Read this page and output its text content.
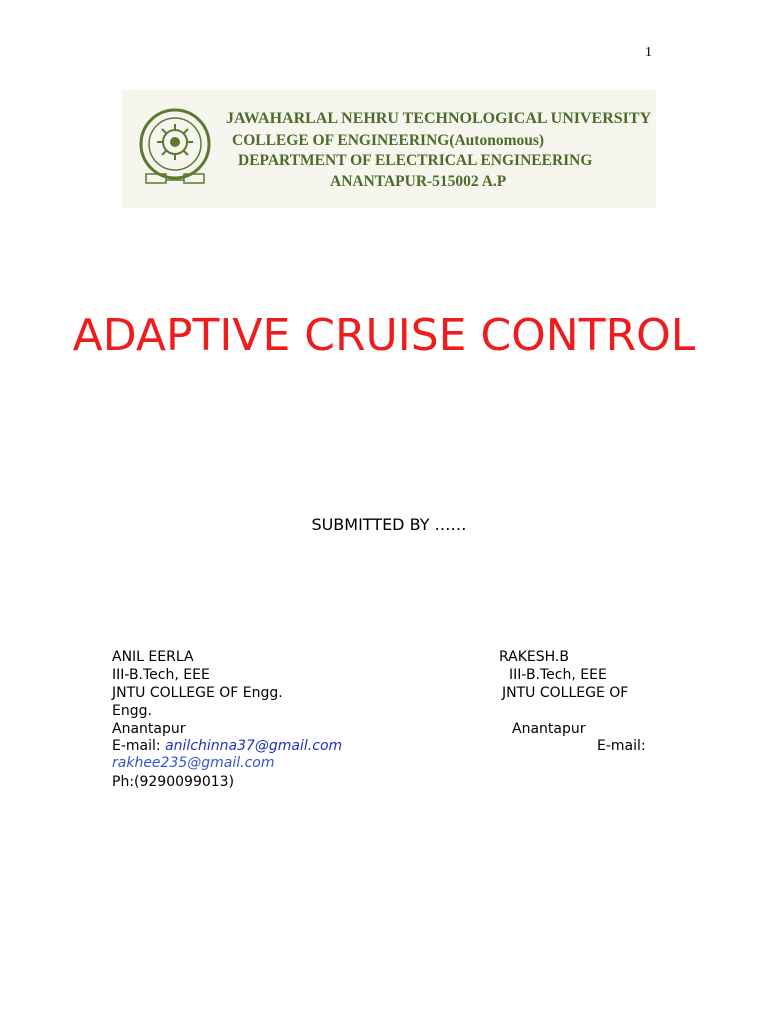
1
JAWAHARLAL NEHRU TECHNOLOGICAL UNIVERSITY
COLLEGE OF ENGINEERING(Autonomous)
DEPARTMENT OF ELECTRICAL ENGINEERING
ANANTAPUR-515002 A.P
ADAPTIVE CRUISE CONTROL
SUBMITTED BY ……
ANIL EERLA
III-B.Tech, EEE
JNTU COLLEGE OF Engg.
Anantapur
E-mail: anilchinna37@gmail.com
Ph:(9290099013)
RAKESH.B
III-B.Tech, EEE
JNTU COLLEGE OF
Engg.
Anantapur
E-mail:
rakhee235@gmail.com
